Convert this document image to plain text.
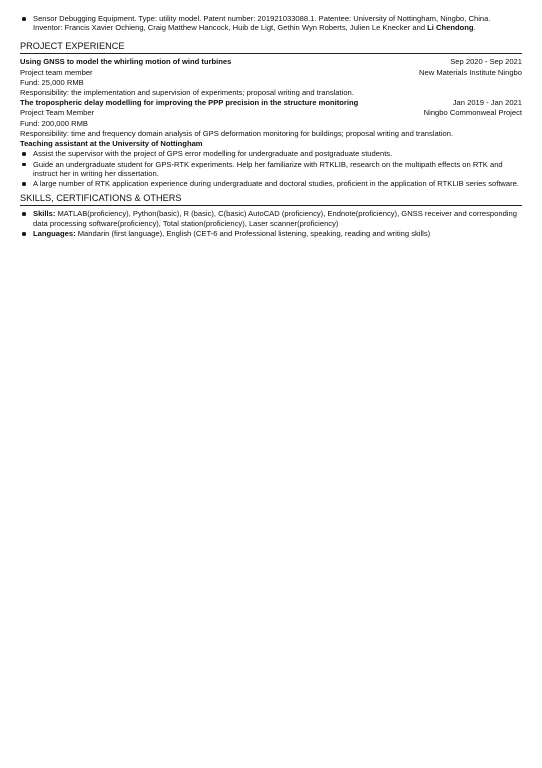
Sensor Debugging Equipment. Type: utility model. Patent number: 201921033088.1. Patentee: University of Nottingham, Ningbo, China. Inventor: Francis Xavier Ochieng, Craig Matthew Hancock, Huib de Ligt, Gethin Wyn Roberts, Julien Le Knecker and Li Chendong.
PROJECT EXPERIENCE
Using GNSS to model the whirling motion of wind turbines	Sep 2020 - Sep 2021
Project team member	New Materials Institute Ningbo
Fund: 25,000 RMB
Responsibility: the implementation and supervision of experiments; proposal writing and translation.
The tropospheric delay modelling for improving the PPP precision in the structure monitoring	Jan 2019 - Jan 2021
Project Team Member	Ningbo Commonweal Project
Fund: 200,000 RMB
Responsibility: time and frequency domain analysis of GPS deformation monitoring for buildings; proposal writing and translation.
Teaching assistant at the University of Nottingham
Assist the supervisor with the project of GPS error modelling for undergraduate and postgraduate students.
Guide an undergraduate student for GPS-RTK experiments. Help her familiarize with RTKLIB, research on the multipath effects on RTK and instruct her in writing her dissertation.
A large number of RTK application experience during undergraduate and doctoral studies, proficient in the application of RTKLIB series software.
SKILLS, CERTIFICATIONS & OTHERS
Skills: MATLAB(proficiency), Python(basic), R (basic), C(basic) AutoCAD (proficiency), Endnote(proficiency), GNSS receiver and corresponding data processing software(proficiency), Total station(proficiency), Laser scanner(proficiency)
Languages: Mandarin (first language), English (CET-6 and Professional listening, speaking, reading and writing skills)
